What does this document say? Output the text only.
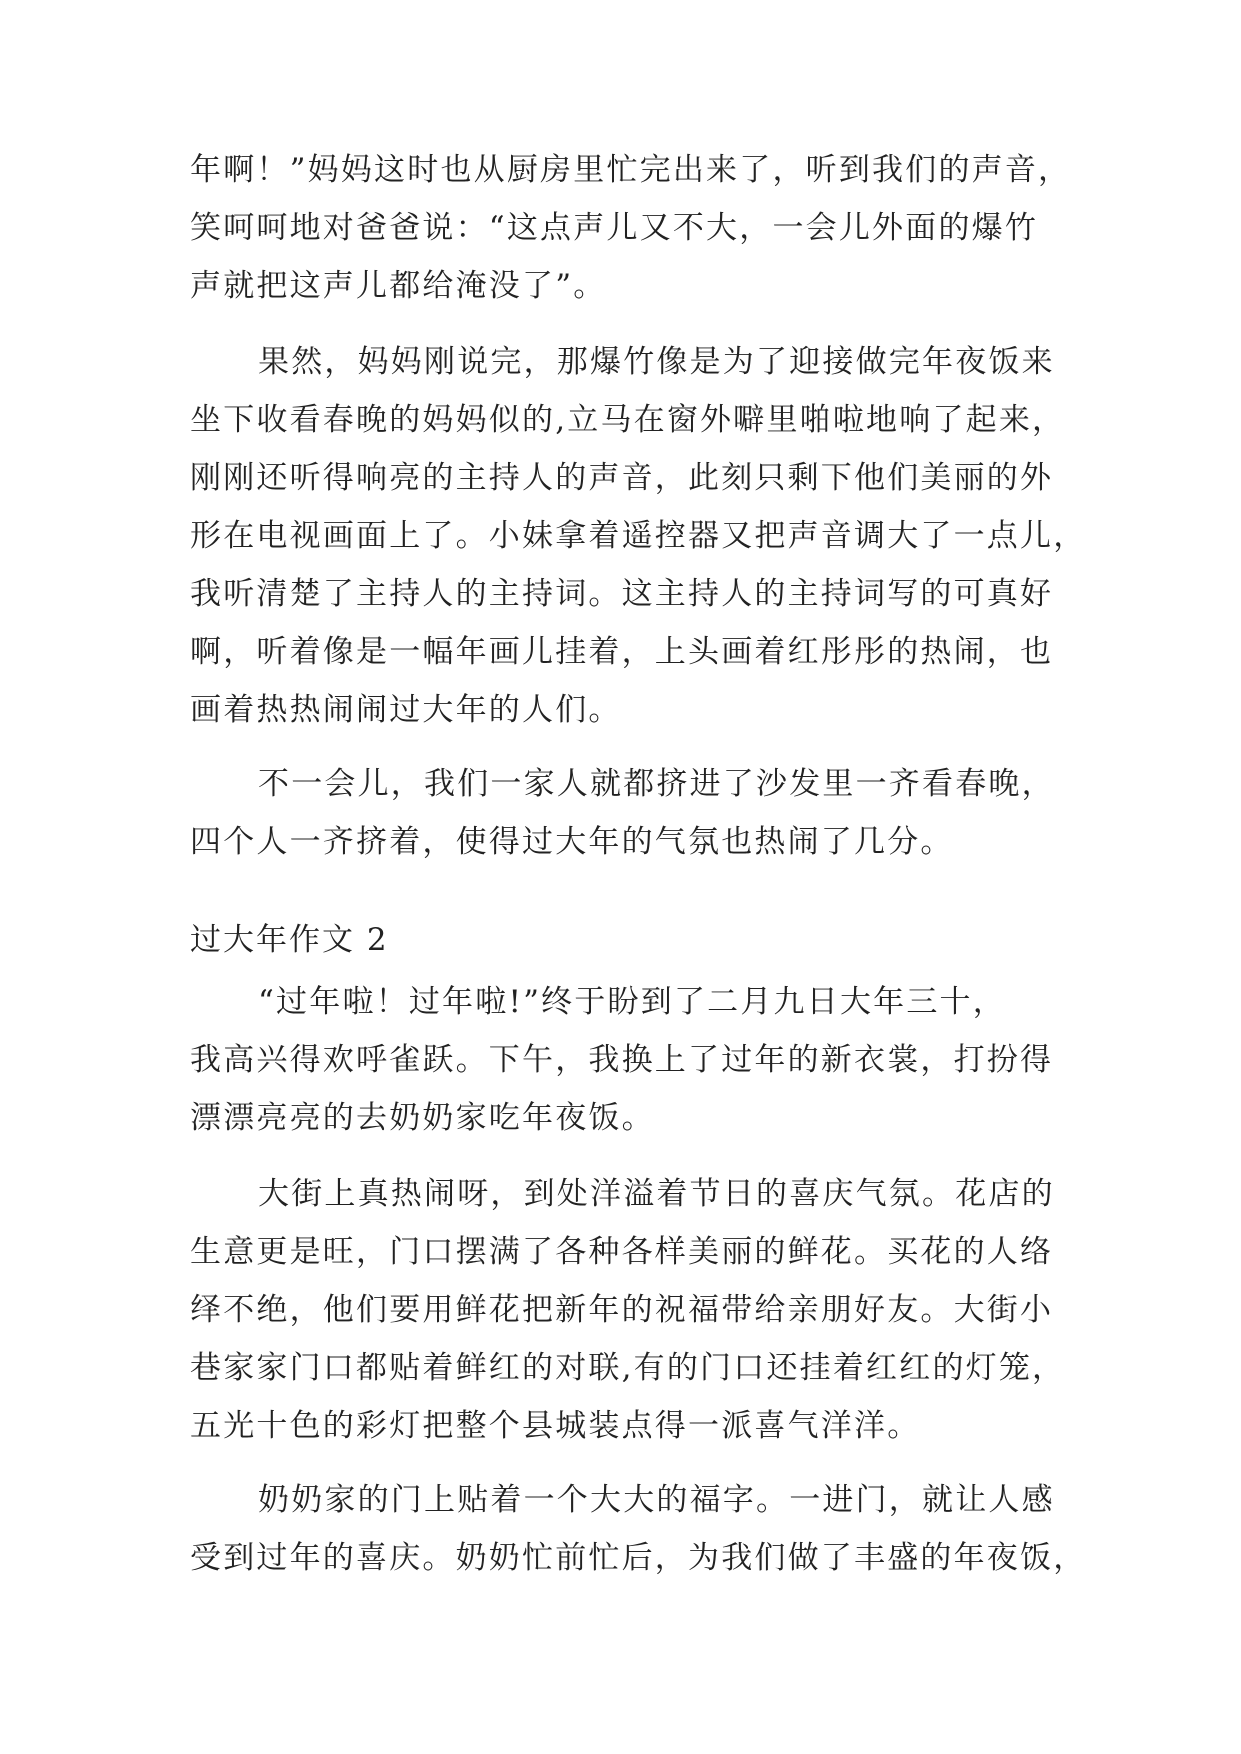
年啊！”妈妈这时也从厨房里忙完出来了，听到我们的声音，
笑呵呵地对爸爸说：“这点声儿又不大，一会儿外面的爆竹
声就把这声儿都给淹没了”。
果然，妈妈刚说完，那爆竹像是为了迎接做完年夜饭来
坐下收看春晚的妈妈似的,立马在窗外噼里啪啦地响了起来，
刚刚还听得响亮的主持人的声音，此刻只剩下他们美丽的外
形在电视画面上了。小妹拿着遥控器又把声音调大了一点儿，
我听清楚了主持人的主持词。这主持人的主持词写的可真好
啊，听着像是一幅年画儿挂着，上头画着红彤彤的热闹，也
画着热热闹闹过大年的人们。
不一会儿，我们一家人就都挤进了沙发里一齐看春晚，
四个人一齐挤着，使得过大年的气氛也热闹了几分。
过大年作文 2
“过年啦！过年啦!”终于盼到了二月九日大年三十，
我高兴得欢呼雀跃。下午，我换上了过年的新衣裳，打扮得
漂漂亮亮的去奶奶家吃年夜饭。
大街上真热闹呀，到处洋溢着节日的喜庆气氛。花店的
生意更是旺，门口摆满了各种各样美丽的鲜花。买花的人络
绎不绝，他们要用鲜花把新年的祝福带给亲朋好友。大街小
巷家家门口都贴着鲜红的对联,有的门口还挂着红红的灯笼，
五光十色的彩灯把整个县城装点得一派喜气洋洋。
奶奶家的门上贴着一个大大的福字。一进门，就让人感
受到过年的喜庆。奶奶忙前忙后，为我们做了丰盛的年夜饭，
